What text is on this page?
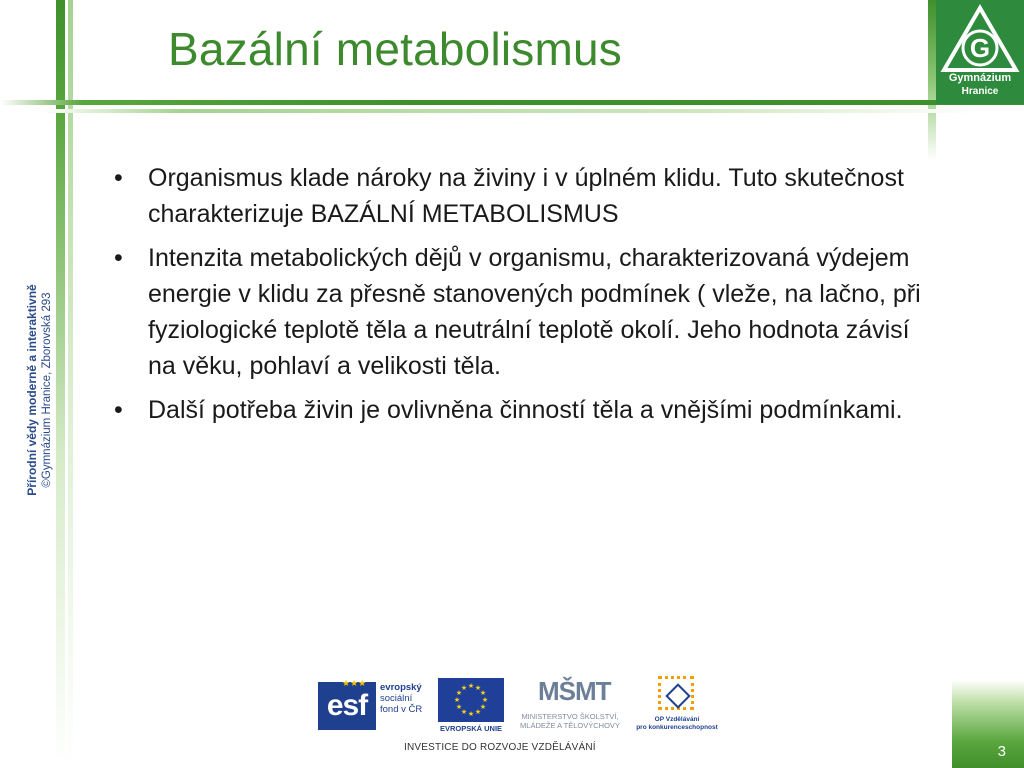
Bazální metabolismus	G
Gymnázium
Hranice
Přírodní vědy moderně a interaktivně ©Gymnázium Hranice, Zborovská 293
• Organismus klade nároky na živiny i v úplném klidu. Tuto skutečnost charakterizuje BAZÁLNÍ METABOLISMUS
• Intenzita metabolických dějů v organismu, charakterizovaná výdejem energie v klidu za přesně stanovených podmínek ( vleže, na lačno, při fyziologické teplotě těla a neutrální teplotě okolí. Jeho hodnota závisí na věku, pohlaví a velikosti těla.
• Další potřeba živin je ovlivněna činností těla a vnějšími podmínkami.
esf
★★★ evropský
sociální
fond v ČR
★ ★
★
★
★
★
★
★
★
★
★
★
EVROPSKÁ UNIE
MŠMT
MINISTERSTVO ŠKOLSTVÍ,
MLÁDEŽE A TĚLOVÝCHOVY
OP Vzdělávání
pro konkurenceschopnost
INVESTICE DO ROZVOJE VZDĚLÁVÁNÍ	3
